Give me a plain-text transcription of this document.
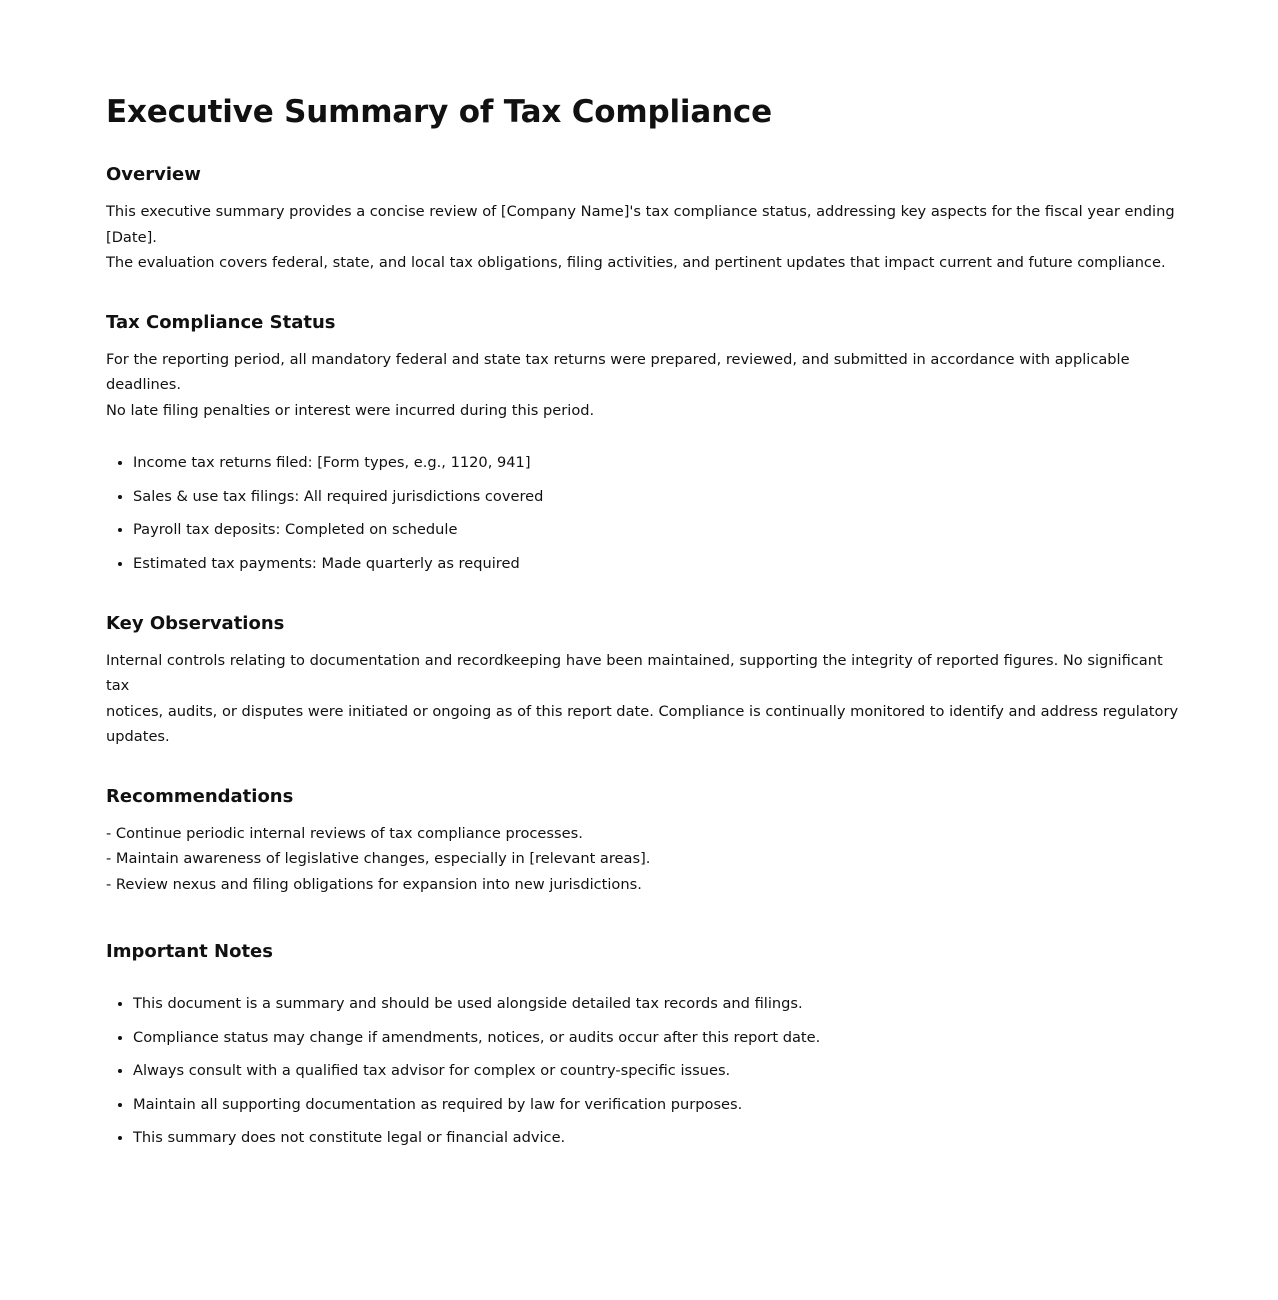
Executive Summary of Tax Compliance
Overview

This executive summary provides a concise review of [Company Name]'s tax compliance status, addressing key aspects for the fiscal year ending [Date].
The evaluation covers federal, state, and local tax obligations, filing activities, and pertinent updates that impact current and future compliance.

Tax Compliance Status

For the reporting period, all mandatory federal and state tax returns were prepared, reviewed, and submitted in accordance with applicable deadlines.
No late filing penalties or interest were incurred during this period.

• Income tax returns filed: [Form types, e.g., 1120, 941]
• Sales & use tax filings: All required jurisdictions covered
• Payroll tax deposits: Completed on schedule
• Estimated tax payments: Made quarterly as required
Key Observations

Internal controls relating to documentation and recordkeeping have been maintained, supporting the integrity of reported figures. No significant tax
notices, audits, or disputes were initiated or ongoing as of this report date. Compliance is continually monitored to identify and address regulatory
updates.

Recommendations
- Continue periodic internal reviews of tax compliance processes.
- Maintain awareness of legislative changes, especially in [relevant areas].
- Review nexus and filing obligations for expansion into new jurisdictions.
Important Notes
• This document is a summary and should be used alongside detailed tax records and filings.
• Compliance status may change if amendments, notices, or audits occur after this report date.
• Always consult with a qualified tax advisor for complex or country-specific issues.
• Maintain all supporting documentation as required by law for verification purposes.
• This summary does not constitute legal or financial advice.
